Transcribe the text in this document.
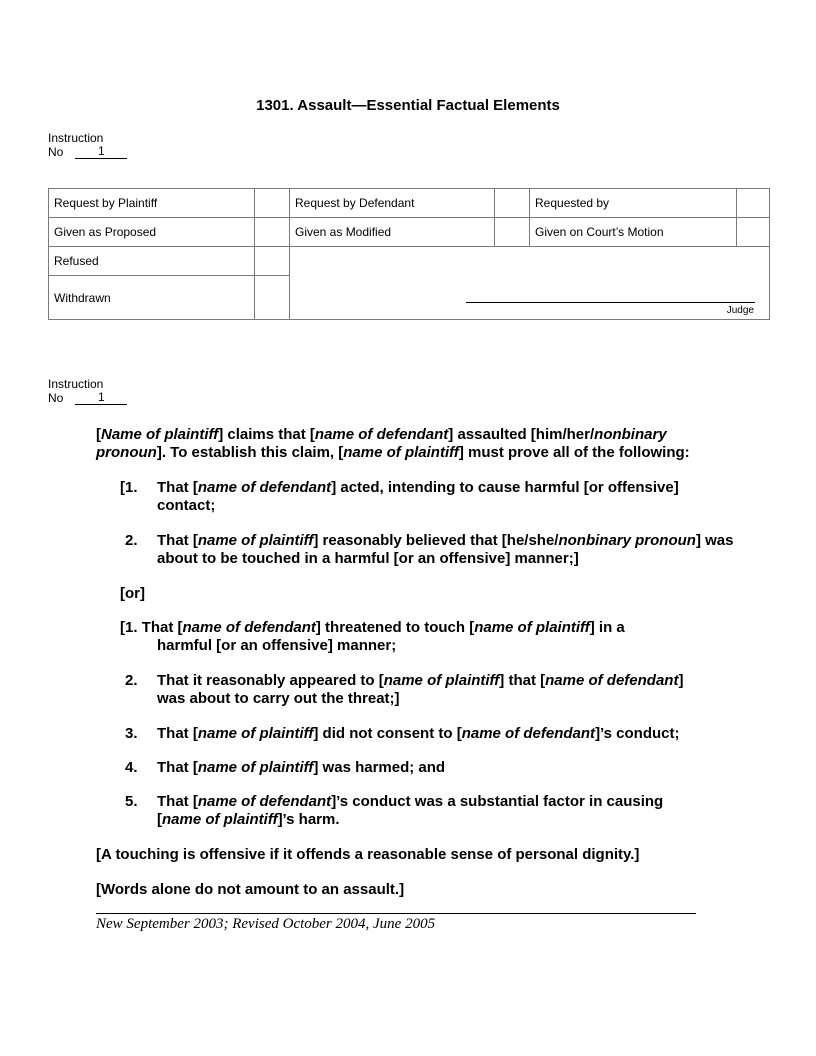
1301. Assault—Essential Factual Elements
Instruction
No	1
Request by Plaintiff		Request by Defendant		Requested by	
Given as Proposed		Given as Modified		Given on Court’s Motion	
Refused		Judge			

Withdrawn					
Instruction
No	1
[Name of plaintiff] claims that [name of defendant] assaulted [him/her/nonbinary
pronoun]. To establish this claim, [name of plaintiff] must prove all of the following:
[1. That [name of defendant] acted, intending to cause harmful [or offensive]
contact;
2. That [name of plaintiff] reasonably believed that [he/she/nonbinary pronoun] was
about to be touched in a harmful [or an offensive] manner;]
[or]
[1. That [name of defendant] threatened to touch [name of plaintiff] in a
harmful [or an offensive] manner;
2. That it reasonably appeared to [name of plaintiff] that [name of defendant]
was about to carry out the threat;]
3. That [name of plaintiff] did not consent to [name of defendant]’s conduct;
4. That [name of plaintiff] was harmed; and
5. That [name of defendant]’s conduct was a substantial factor in causing
[name of plaintiff]’s harm.
[A touching is offensive if it offends a reasonable sense of personal dignity.]
[Words alone do not amount to an assault.]
New September 2003; Revised October 2004, June 2005
